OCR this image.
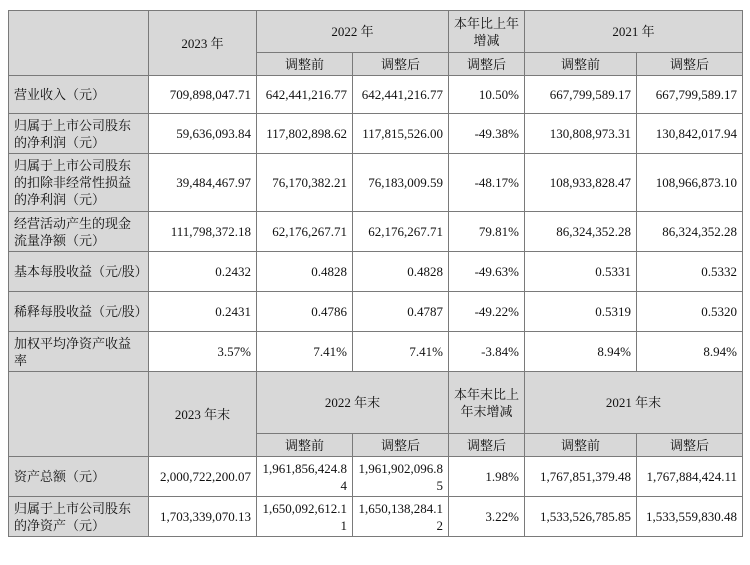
	2023 年	2022 年		本年比上年增减	2021 年	
		调整前	调整后	调整后	调整前	调整后
营业收入（元）	709,898,047.71	642,441,216.77	642,441,216.77	10.50%	667,799,589.17	667,799,589.17
归属于上市公司股东的净利润（元）	59,636,093.84	117,802,898.62	117,815,526.00	-49.38%	130,808,973.31	130,842,017.94
归属于上市公司股东的扣除非经常性损益的净利润（元）	39,484,467.97	76,170,382.21	76,183,009.59	-48.17%	108,933,828.47	108,966,873.10
经营活动产生的现金流量净额（元）	111,798,372.18	62,176,267.71	62,176,267.71	79.81%	86,324,352.28	86,324,352.28
基本每股收益（元/股）	0.2432	0.4828	0.4828	-49.63%	0.5331	0.5332
稀释每股收益（元/股）	0.2431	0.4786	0.4787	-49.22%	0.5319	0.5320
加权平均净资产收益率	3.57%	7.41%	7.41%	-3.84%	8.94%	8.94%
	2023 年末	2022 年末		本年末比上年末增减	2021 年末	
		调整前	调整后	调整后	调整前	调整后
资产总额（元）	2,000,722,200.07	1,961,856,424.84	1,961,902,096.85	1.98%	1,767,851,379.48	1,767,884,424.11
归属于上市公司股东的净资产（元）	1,703,339,070.13	1,650,092,612.11	1,650,138,284.12	3.22%	1,533,526,785.85	1,533,559,830.48
